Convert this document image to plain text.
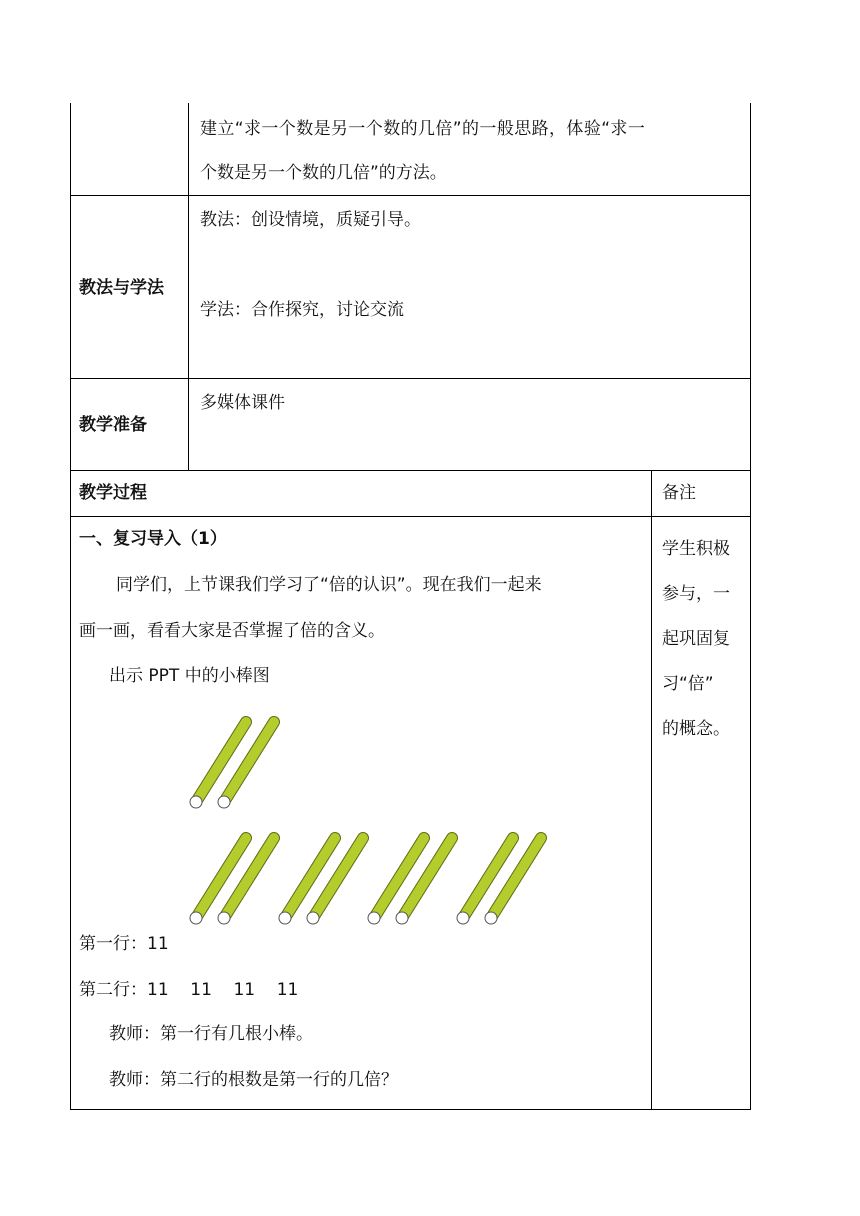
建立“求一个数是另一个数的几倍”的一般思路，体验“求一
个数是另一个数的几倍”的方法。
教法与学法
教法：创设情境，质疑引导。
学法：合作探究，讨论交流
教学准备
多媒体课件
教学过程	备注
一、复习导入（1）
同学们，上节课我们学习了“倍的认识”。现在我们一起来
画一画，看看大家是否掌握了倍的含义。
出示 PPT 中的小棒图
第一行：11
第二行：11    11    11    11
教师：第一行有几根小棒。
教师：第二行的根数是第一行的几倍？
学生积极
参与，一
起巩固复
习“倍”
的概念。
